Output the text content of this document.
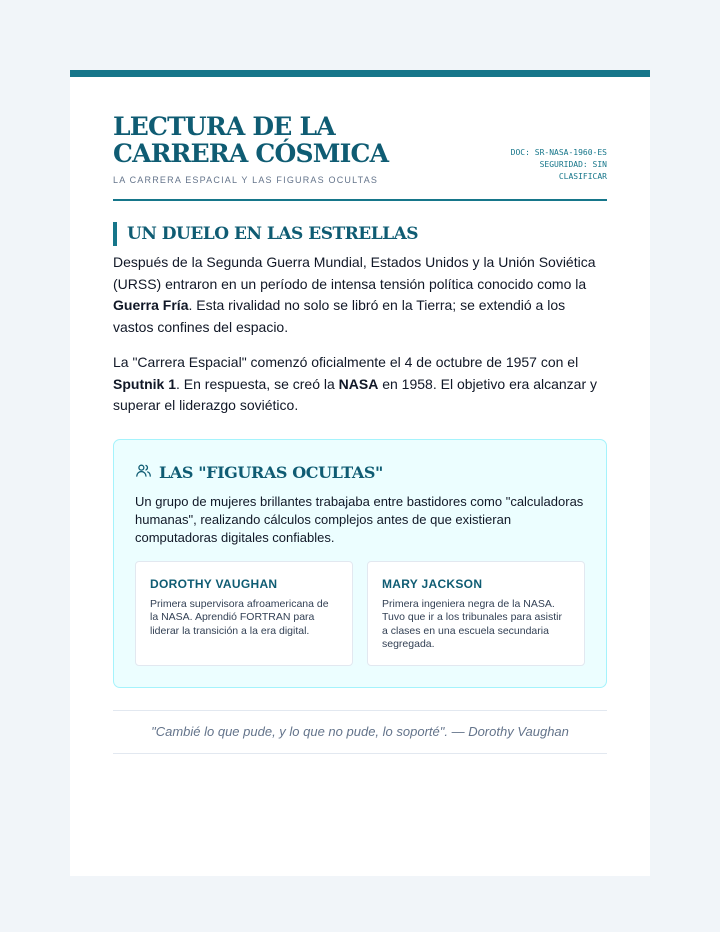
LECTURA DE LA CARRERA CÓSMICA
LA CARRERA ESPACIAL Y LAS FIGURAS OCULTAS
DOC: SR-NASA-1960-ES
SEGURIDAD: SIN
CLASIFICAR
UN DUELO EN LAS ESTRELLAS

Después de la Segunda Guerra Mundial, Estados Unidos y la Unión Soviética (URSS) entraron en un período de intensa tensión política conocido como la Guerra Fría. Esta rivalidad no solo se libró en la Tierra; se extendió a los vastos confines del espacio.

La "Carrera Espacial" comenzó oficialmente el 4 de octubre de 1957 con el Sputnik 1. En respuesta, se creó la NASA en 1958. El objetivo era alcanzar y superar el liderazgo soviético.

LAS "FIGURAS OCULTAS"
Un grupo de mujeres brillantes trabajaba entre bastidores como "calculadoras humanas", realizando cálculos complejos antes de que existieran computadoras digitales confiables.
DOROTHY VAUGHAN
Primera supervisora afroamericana de la NASA. Aprendió FORTRAN para liderar la transición a la era digital.
MARY JACKSON
Primera ingeniera negra de la NASA. Tuvo que ir a los tribunales para asistir a clases en una escuela secundaria segregada.
"Cambié lo que pude, y lo que no pude, lo soporté". — Dorothy Vaughan
